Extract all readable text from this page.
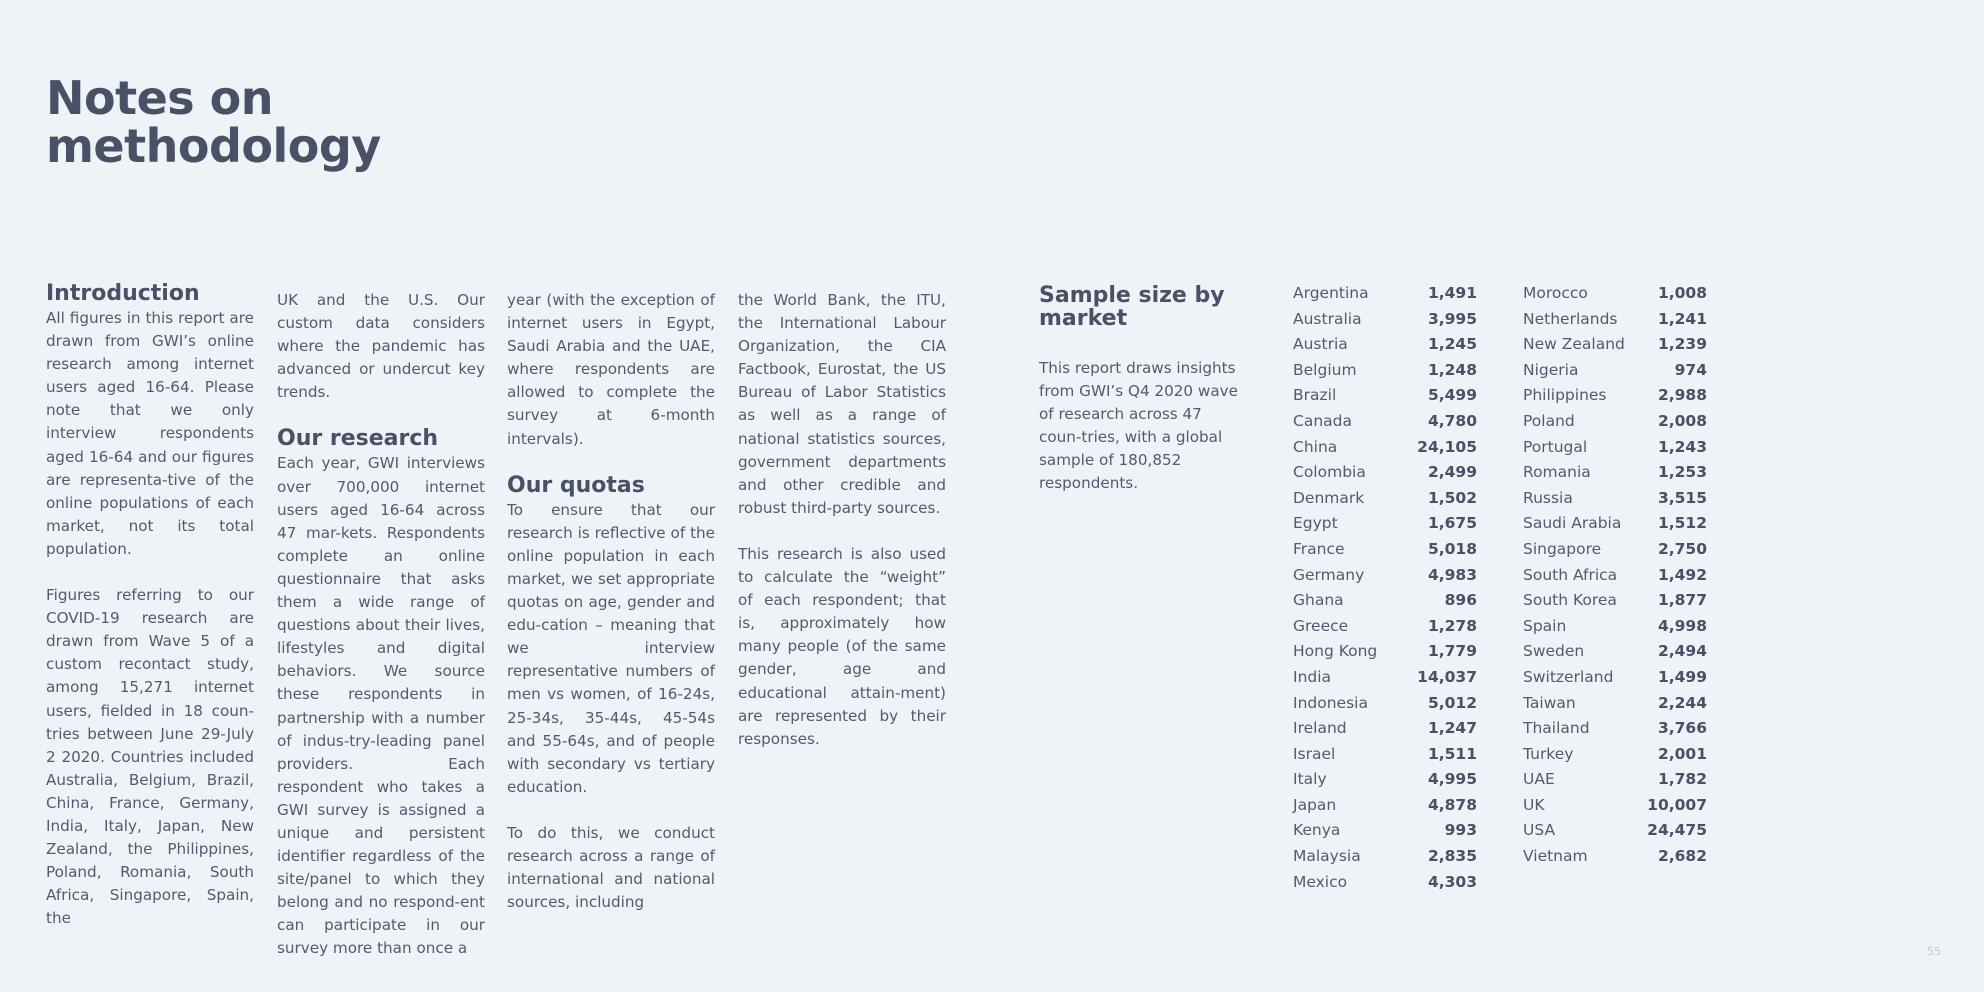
Notes on
methodology
Introduction

All figures in this report are drawn from GWI’s online research among internet users aged 16-64. Please note that we only interview respondents aged 16-64 and our figures are representa-tive of the online populations of each market, not its total population.

Figures referring to our COVID-19 research are drawn from Wave 5 of a custom recontact study, among 15,271 internet users, fielded in 18 coun-tries between June 29-July 2 2020. Countries included Australia, Belgium, Brazil, China, France, Germany, India, Italy, Japan, New Zealand, the Philippines, Poland, Romania, South Africa, Singapore, Spain, the

UK and the U.S. Our custom data considers where the pandemic has advanced or undercut key trends.

Our research

Each year, GWI interviews over 700,000 internet users aged 16-64 across 47 mar-kets. Respondents complete an online questionnaire that asks them a wide range of questions about their lives, lifestyles and digital behaviors. We source these respondents in partnership with a number of indus-try-leading panel providers. Each respondent who takes a GWI survey is assigned a unique and persistent identifier regardless of the site/panel to which they belong and no respond-ent can participate in our survey more than once a

year (with the exception of internet users in Egypt, Saudi Arabia and the UAE, where respondents are allowed to complete the survey at 6-month intervals).

Our quotas

To ensure that our research is reflective of the online population in each market, we set appropriate quotas on age, gender and edu-cation – meaning that we interview representative numbers of men vs women, of 16-24s, 25-34s, 35-44s, 45-54s and 55-64s, and of people with secondary vs tertiary education.

To do this, we conduct research across a range of international and national sources, including

the World Bank, the ITU, the International Labour Organization, the CIA Factbook, Eurostat, the US Bureau of Labor Statistics as well as a range of national statistics sources, government departments and other credible and robust third-party sources.

This research is also used to calculate the “weight” of each respondent; that is, approximately how many people (of the same gender, age and educational attain-ment) are represented by their responses.

Sample size by market

This report draws insights from GWI’s Q4 2020 wave of research across 47 coun-tries, with a global sample of 180,852 respondents.

Argentina	1,491
Australia	3,995
Austria	1,245
Belgium	1,248
Brazil	5,499
Canada	4,780
China	24,105
Colombia	2,499
Denmark	1,502
Egypt	1,675
France	5,018
Germany	4,983
Ghana	896
Greece	1,278
Hong Kong	1,779
India	14,037
Indonesia	5,012
Ireland	1,247
Israel	1,511
Italy	4,995
Japan	4,878
Kenya	993
Malaysia	2,835
Mexico	4,303
Morocco	1,008
Netherlands	1,241
New Zealand 1,239
Nigeria	974
Philippines	2,988
Poland	2,008
Portugal	1,243
Romania	1,253
Russia	3,515
Saudi Arabia 1,512
Singapore	2,750
South Africa	1,492
South Korea	1,877
Spain	4,998
Sweden	2,494
Switzerland	1,499
Taiwan	2,244
Thailand	3,766
Turkey	2,001
UAE	1,782
UK	10,007
USA	24,475
Vietnam	2,682
55
